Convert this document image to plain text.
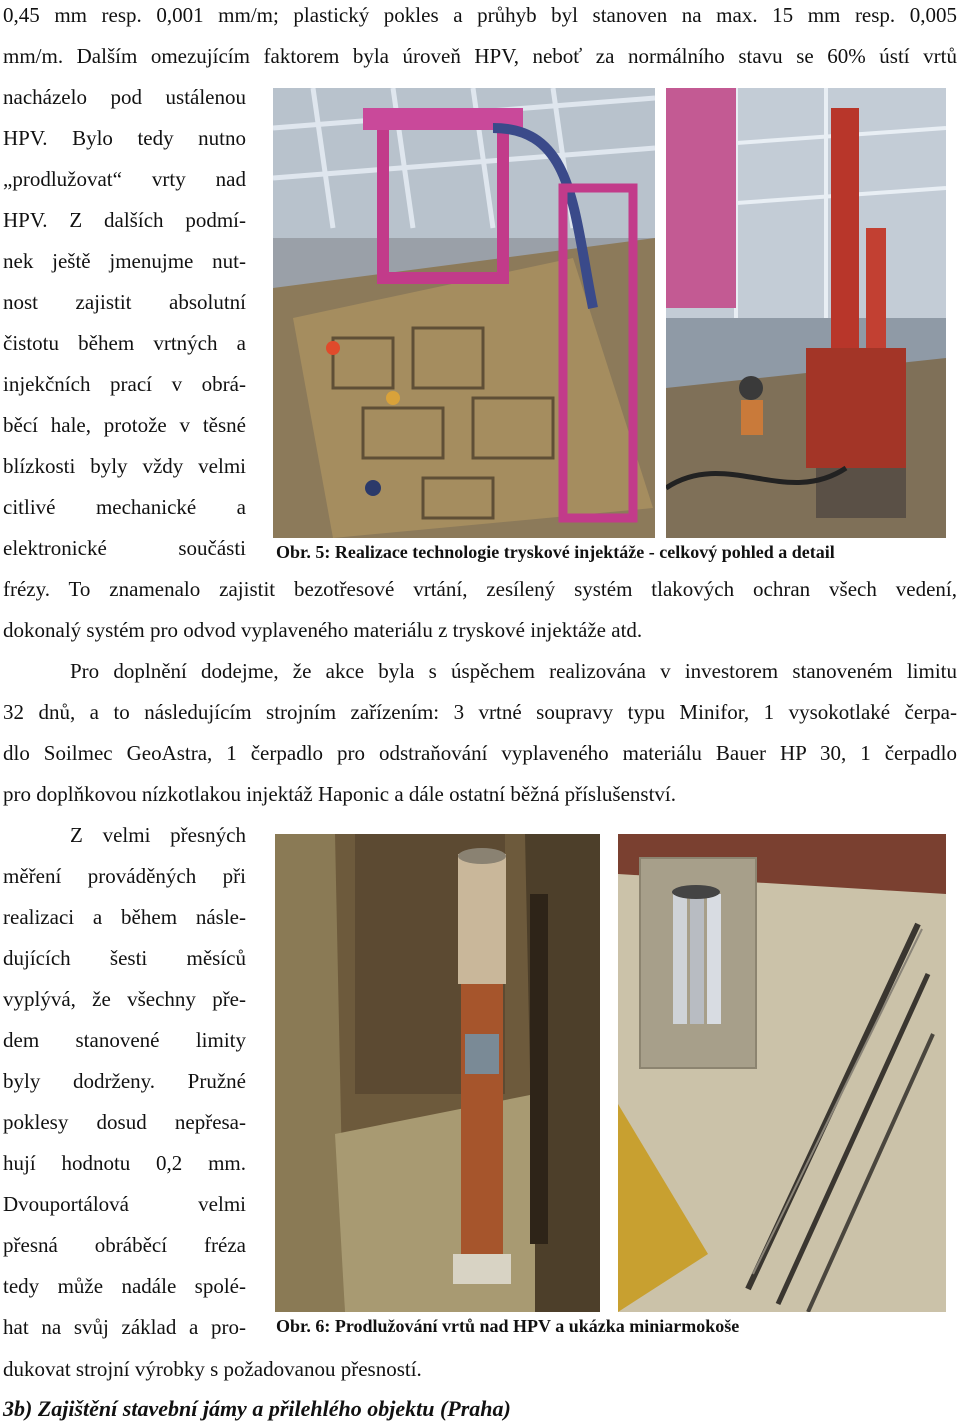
0,45 mm resp. 0,001 mm/m; plastický pokles a průhyb byl stanoven na max. 15 mm resp. 0,005
mm/m. Dalším omezujícím faktorem byla úroveň HPV, neboť za normálního stavu se 60% ústí vrtů
nacházelo pod ustálenou
HPV. Bylo tedy nutno
„prodlužovat“ vrty nad
HPV. Z dalších podmí-
nek ještě jmenujme nut-
nost zajistit absolutní
čistotu během vrtných a
injekčních prací v obrá-
běcí hale, protože v těsné
blízkosti byly vždy velmi
citlivé mechanické a
elektronické součásti Obr. 5: Realizace technologie tryskové injektáže - celkový pohled a detail
frézy. To znamenalo zajistit bezotřesové vrtání, zesílený systém tlakových ochran všech vedení,
dokonalý systém pro odvod vyplaveného materiálu z tryskové injektáže atd.
Pro doplnění dodejme, že akce byla s úspěchem realizována v investorem stanoveném limitu
32 dnů, a to následujícím strojním zařízením: 3 vrtné soupravy typu Minifor, 1 vysokotlaké čerpa-
dlo Soilmec GeoAstra, 1 čerpadlo pro odstraňování vyplaveného materiálu Bauer HP 30, 1 čerpadlo
pro doplňkovou nízkotlakou injektáž Haponic a dále ostatní běžná příslušenství.
Z velmi přesných
měření prováděných při
realizaci a během násle-
dujících šesti měsíců
vyplývá, že všechny pře-
dem stanovené limity
byly dodrženy. Pružné
poklesy dosud nepřesa-
hují hodnotu 0,2 mm.
Dvouportálová velmi
přesná obráběcí fréza
tedy může nadále spolé-
hat na svůj základ a pro- Obr. 6: Prodlužování vrtů nad HPV a ukázka miniarmokoše
dukovat strojní výrobky s požadovanou přesností.
3b) Zajištění stavební jámy a přilehlého objektu (Praha)
